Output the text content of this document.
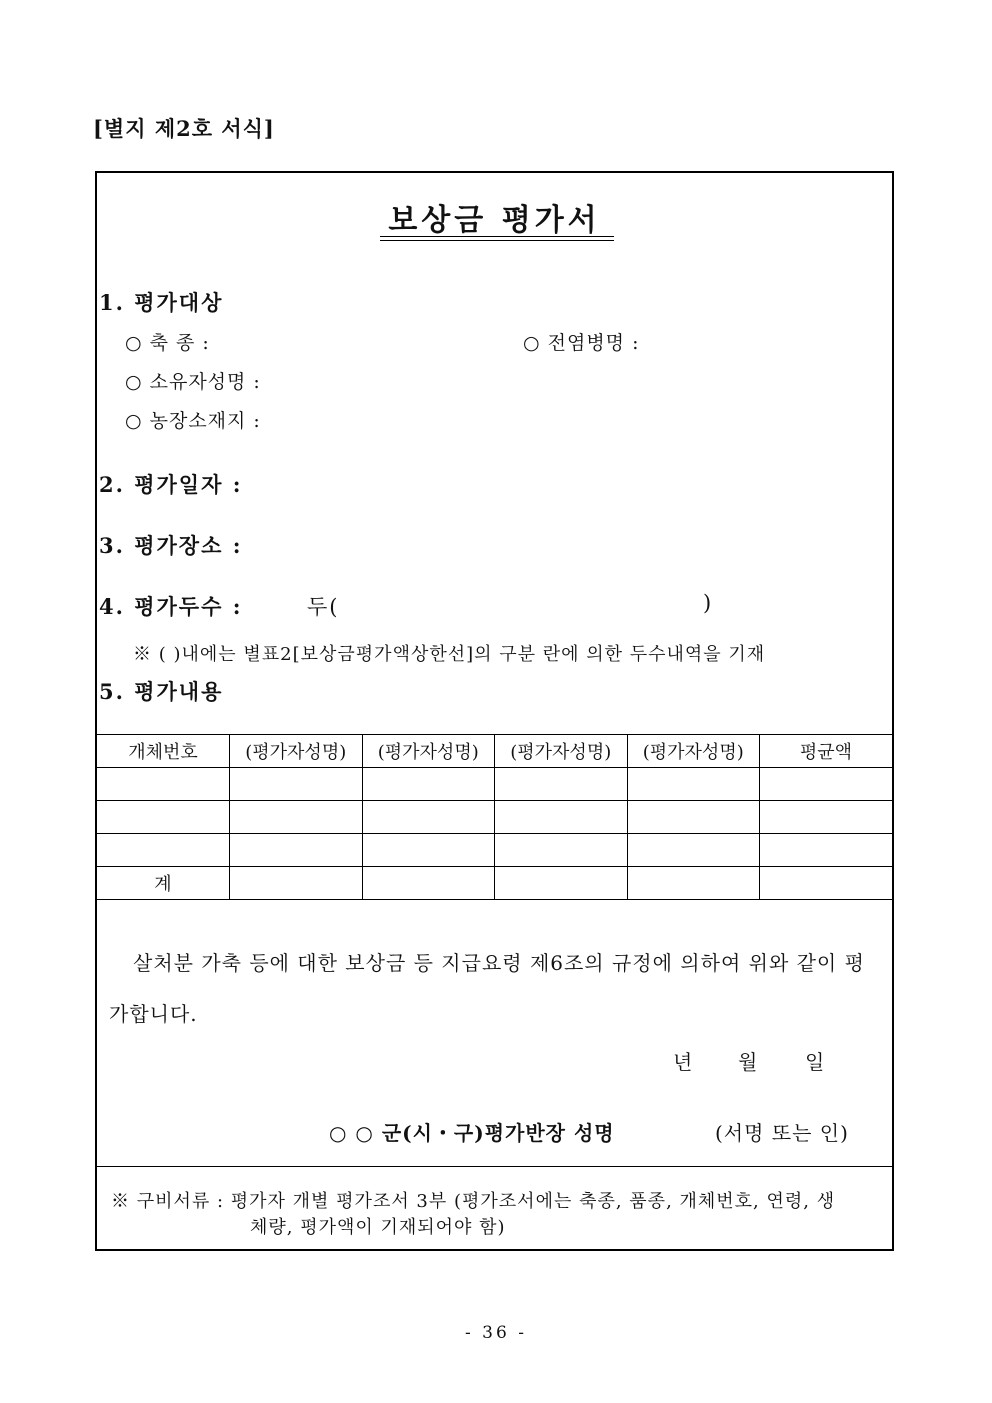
[별지 제2호 서식]
보상금 평가서
1. 평가대상
○ 축 종 :	○ 전염병명 :
○ 소유자성명 :
○ 농장소재지 :
2. 평가일자 :
3. 평가장소 :
4. 평가두수 :	두(	)
※ ( )내에는 별표2[보상금평가액상한선]의 구분 란에 의한 두수내역을 기재
5. 평가내용
개체번호	(평가자성명)	(평가자성명)	(평가자성명)	(평가자성명)	평균액

계					
살처분 가축 등에 대한 보상금 등 지급요령 제6조의 규정에 의하여 위와 같이 평
가합니다.
년 월 일
○ ○ 군(시・구)평가반장 성명	(서명 또는 인)
※ 구비서류 : 평가자 개별 평가조서 3부 (평가조서에는 축종, 품종, 개체번호, 연령, 생
체량, 평가액이 기재되어야 함)
- 36 -
